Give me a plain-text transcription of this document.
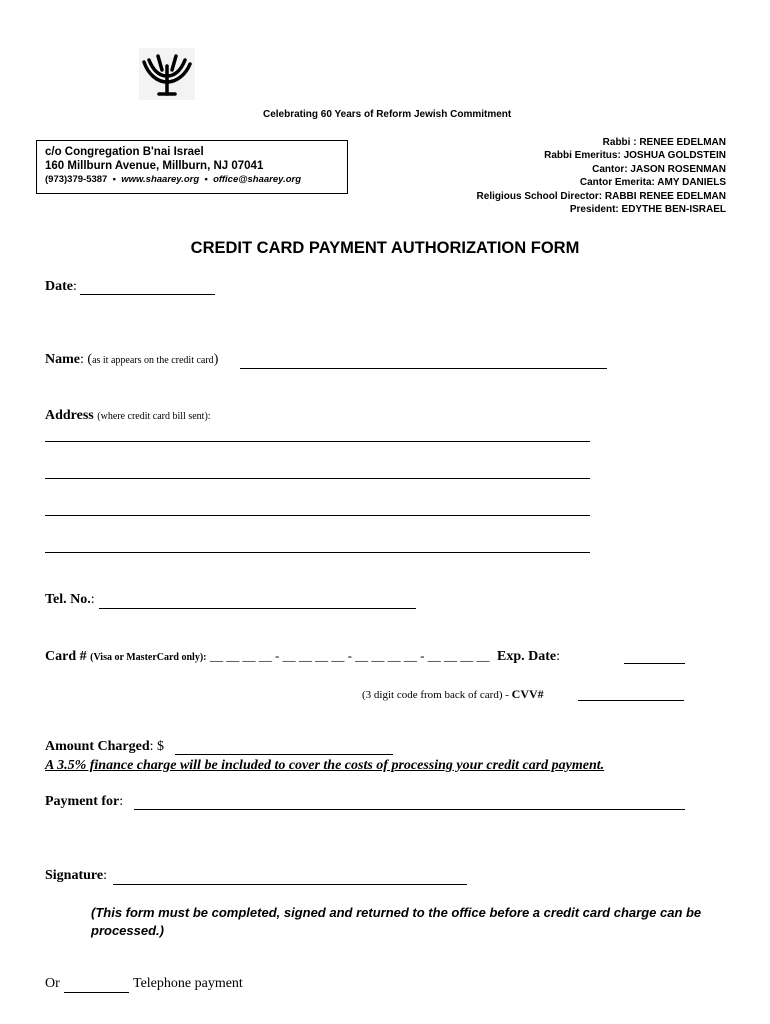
Celebrating 60 Years of Reform Jewish Commitment
c/o Congregation B'nai Israel
160 Millburn Avenue, Millburn, NJ 07041
(973)379-5387  •  www.shaarey.org  •  office@shaarey.org
Rabbi : RENEE EDELMAN
Rabbi Emeritus: JOSHUA GOLDSTEIN
Cantor: JASON ROSENMAN
Cantor Emerita: AMY DANIELS
Religious School Director: RABBI RENEE EDELMAN
President: EDYTHE BEN-ISRAEL
CREDIT CARD PAYMENT AUTHORIZATION FORM
Date:
Name: (as it appears on the credit card)
Address (where credit card bill sent):
Tel. No.:
Card # (Visa or MasterCard only): __ __ __ __ - __ __ __ __ - __ __ __ __ - __ __ __ __ Exp. Date:
(3 digit code from back of card) - CVV#
Amount Charged: $
A 3.5% finance charge will be included to cover the costs of processing your credit card payment.
Payment for:
Signature:
(This form must be completed, signed and returned to the office before a credit card charge can be processed.)
Or	Telephone payment
